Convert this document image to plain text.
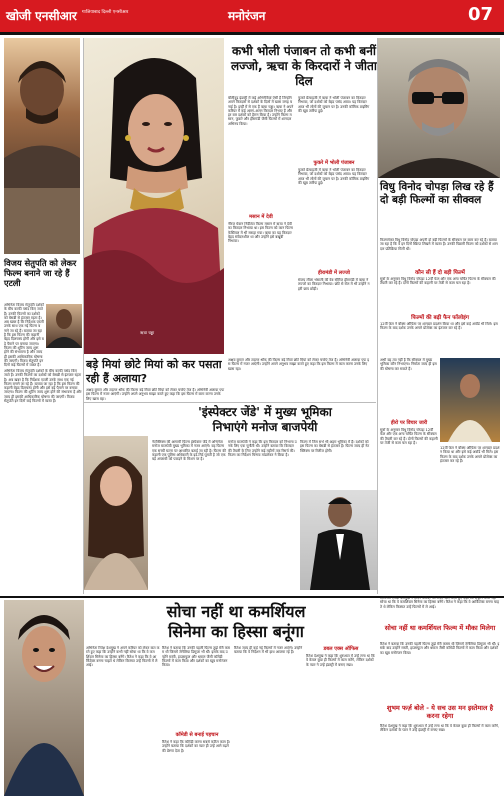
खोजी एनसीआर गाजियाबाद दिल्ली एनसीआर	मनोरंजन	07
विजय सेतुपति को लेकर फिल्म बनाने जा रहे हैं एटली
अभिनेता विजय सेतुपति दर्शकों के बीच काफी पसंद किए जाते हैं। उनकी फिल्मों का दर्शकों को बेसब्री से इंतजार रहता है। अब खबर है कि निर्देशक एटली उनके साथ एक नई फिल्म बनाने जा रहे हैं। बताया जा रहा है कि इस फिल्म की कहानी बेहद दिलचस्प होगी और इसे बड़े पैमाने पर बनाया जाएगा। फिल्म की शूटिंग जल्द शुरू होने की संभावना है और जल्द ही इसकी आधिकारिक घोषणा की जाएगी। विजय सेतुपति इन दिनों कई फिल्मों में व्यस्त हैं।
अभिनेता विजय सेतुपति दर्शकों के बीच काफी पसंद किए जाते हैं। उनकी फिल्मों का दर्शकों को बेसब्री से इंतजार रहता है। अब खबर है कि निर्देशक एटली उनके साथ एक नई फिल्म बनाने जा रहे हैं। बताया जा रहा है कि इस फिल्म की कहानी बेहद दिलचस्प होगी और इसे बड़े पैमाने पर बनाया जाएगा। फिल्म की शूटिंग जल्द शुरू होने की संभावना है और जल्द ही इसकी आधिकारिक घोषणा की जाएगी। विजय सेतुपति इन दिनों कई फिल्मों में व्यस्त हैं।
ऋचा चड्ढा
कभी भोली पंजाबन तो कभी बनीं लज्जो, ऋचा के किरदारों ने जीता दिल
बॉलीवुड इंडस्ट्री में कई अभिनेत्रियां ऐसी हैं जिन्होंने अपने किरदारों से दर्शकों के दिलों में खास जगह बनाई है। इन्हीं में से एक हैं ऋचा चड्ढा। ऋचा ने अपने करियर में कई अलग-अलग किरदार निभाए हैं और हर बार दर्शकों को हैरान किया है। उन्होंने फिल्म मसान, फुकरे और हीरामंडी जैसी फिल्मों में शानदार अभिनय किया।
मसान में देवी
नीरज घेवान निर्देशित फिल्म मसान में ऋचा ने देवी का किरदार निभाया था। इस फिल्म को कान फिल्म फेस्टिवल में भी सराहा गया। ऋचा का यह किरदार बेहद संवेदनशील था और उन्होंने इसे बखूबी निभाया।
फुकरे फ्रेंचाइजी में ऋचा ने भोली पंजाबन का किरदार निभाया, जो दर्शकों को बेहद पसंद आया। यह किरदार आज भी लोगों की जुबान पर है। उनकी कॉमिक टाइमिंग की खूब तारीफ हुई।
फुकरे में भोली पंजाबन
फुकरे फ्रेंचाइजी में ऋचा ने भोली पंजाबन का किरदार निभाया, जो दर्शकों को बेहद पसंद आया। यह किरदार आज भी लोगों की जुबान पर है। उनकी कॉमिक टाइमिंग की खूब तारीफ हुई।
हीरामंडी में लज्जो
संजय लीला भंसाली की वेब सीरीज हीरामंडी में ऋचा ने लज्जो का किरदार निभाया। छोटे से रोल में भी उन्होंने गहरी छाप छोड़ी।
विधु विनोद चोपड़ा लिख रहे हैं दो बड़ी फिल्मों का सीक्वल
फिल्ममेकर विधु विनोद चोपड़ा अपनी दो बड़ी फिल्मों के सीक्वल पर काम कर रहे हैं। बताया जा रहा है कि वे इन दिनों स्क्रिप्ट लिखने में व्यस्त हैं। उनकी पिछली फिल्म को दर्शकों से शानदार प्रतिक्रिया मिली थी।
कौन सी हैं दो बड़ी फिल्में
सूत्रों के अनुसार विधु विनोद चोपड़ा 12वीं फेल और एक अन्य चर्चित फिल्म के सीक्वल की तैयारी कर रहे हैं। दोनों फिल्मों की कहानी पर तेजी से काम चल रहा है।
फिल्मों की बढ़ी फैन फॉलोइंग
12वीं फेल ने बॉक्स ऑफिस पर शानदार प्रदर्शन किया था और इसे कई अवॉर्ड भी मिले। इस फिल्म के बाद दर्शक उनके अगले प्रोजेक्ट का इंतजार कर रहे हैं।
अभी यह तय नहीं है कि सीक्वल में मुख्य भूमिका कौन निभाएगा। निर्माता जल्द ही इसकी घोषणा कर सकते हैं।
हीरो पर विचार जारी
सूत्रों के अनुसार विधु विनोद चोपड़ा 12वीं फेल और एक अन्य चर्चित फिल्म के सीक्वल की तैयारी कर रहे हैं। दोनों फिल्मों की कहानी पर तेजी से काम चल रहा है।
12वीं फेल ने बॉक्स ऑफिस पर शानदार प्रदर्शन किया था और इसे कई अवॉर्ड भी मिले। इस फिल्म के बाद दर्शक उनके अगले प्रोजेक्ट का इंतजार कर रहे हैं।
बड़े मियां छोटे मियां को कर पसता रही हैं अलाया?
अक्षय कुमार और टाइगर श्रॉफ की फिल्म बड़े मियां छोटे मियां को लेकर चर्चाएं तेज हैं। अभिनेत्री अलाया एफ इस फिल्म में नजर आएंगी। उन्होंने अपने अनुभव साझा करते हुए कहा कि इस फिल्म में काम करना उनके लिए खास रहा।
अक्षय कुमार और टाइगर श्रॉफ की फिल्म बड़े मियां छोटे मियां को लेकर चर्चाएं तेज हैं। अभिनेत्री अलाया एफ इस फिल्म में नजर आएंगी। उन्होंने अपने अनुभव साझा करते हुए कहा कि इस फिल्म में काम करना उनके लिए खास रहा।
'इंस्पेक्टर जेंडे' में मुख्य भूमिका
निभाएंगे मनोज बाजपेयी
नेटफ्लिक्स की आगामी फिल्म इंस्पेक्टर जेंडे में अभिनेता मनोज बाजपेयी मुख्य भूमिका में नजर आएंगे। यह फिल्म एक सच्ची घटना पर आधारित बताई जा रही है। फिल्म की कहानी एक पुलिस अधिकारी के इर्द-गिर्द घूमती है जो एक बड़े अपराधी को पकड़ने के मिशन पर है।
मनोज बाजपेयी ने कहा कि इस किरदार को निभाना उनके लिए एक चुनौती थी। उन्होंने बताया कि किरदार की तैयारी के लिए उन्होंने कई महीनों तक रिसर्च की। फिल्म का निर्देशन चिन्मय मांडलेकर ने किया है।
फिल्म में जिम सर्भ भी अहम भूमिका में हैं। दर्शकों को इस फिल्म का बेसब्री से इंतजार है। फिल्म जल्द ही नेटफ्लिक्स पर रिलीज होगी।
सोचा नहीं था कमर्शियल
सिनेमा का हिस्सा बनूंगा
अभिनेता रितेश देशमुख ने अपने करियर को लेकर बात करते हुए कहा कि उन्होंने कभी नहीं सोचा था कि वे कमर्शियल सिनेमा का हिस्सा बनेंगे। रितेश ने कहा कि वे आर्किटेक्ट बनना चाहते थे लेकिन किस्मत उन्हें फिल्मों में ले आई।
रितेश ने बताया कि उनकी पहली फिल्म तुझे मेरी कसम थी जिसमें जेनेलिया डिसूजा भी थीं। इसके बाद उन्होंने मस्ती, हाउसफुल और धमाल जैसी कॉमेडी फिल्मों में काम किया और दर्शकों का खूब मनोरंजन किया।
कॉमेडी से बनाई पहचान
रितेश ने कहा कि कॉमेडी करना सबसे कठिन काम है। उन्होंने बताया कि दर्शकों का प्यार ही उन्हें आगे बढ़ने की प्रेरणा देता है।
रितेश जल्द ही कई नई फिल्मों में नजर आएंगे। उन्होंने बताया कि वे निर्देशन में भी हाथ आजमा रहे हैं।
डबल एक्स ऑफिस
रितेश देशमुख ने कहा कि शुरुआत में उन्हें लगा था कि वे केवल कुछ ही फिल्मों में काम करेंगे, लेकिन दर्शकों के प्यार ने उन्हें इंडस्ट्री में बनाए रखा।
अभिनेता रितेश देशमुख ने अपने करियर को लेकर बात करते हुए कहा कि उन्होंने कभी नहीं सोचा था कि वे कमर्शियल सिनेमा का हिस्सा बनेंगे। रितेश ने कहा कि वे आर्किटेक्ट बनना चाहते थे लेकिन किस्मत उन्हें फिल्मों में ले आई।
सोचा नहीं था कमर्शियल फिल्म में मौका मिलेगा
रितेश ने बताया कि उनकी पहली फिल्म तुझे मेरी कसम थी जिसमें जेनेलिया डिसूजा भी थीं। इसके बाद उन्होंने मस्ती, हाउसफुल और धमाल जैसी कॉमेडी फिल्मों में काम किया और दर्शकों का खूब मनोरंजन किया।
शुभम फर्ज़ बोले - ये सच उस मन इस्तेमाल है करना रहेगा
रितेश देशमुख ने कहा कि शुरुआत में उन्हें लगा था कि वे केवल कुछ ही फिल्मों में काम करेंगे, लेकिन दर्शकों के प्यार ने उन्हें इंडस्ट्री में बनाए रखा।
